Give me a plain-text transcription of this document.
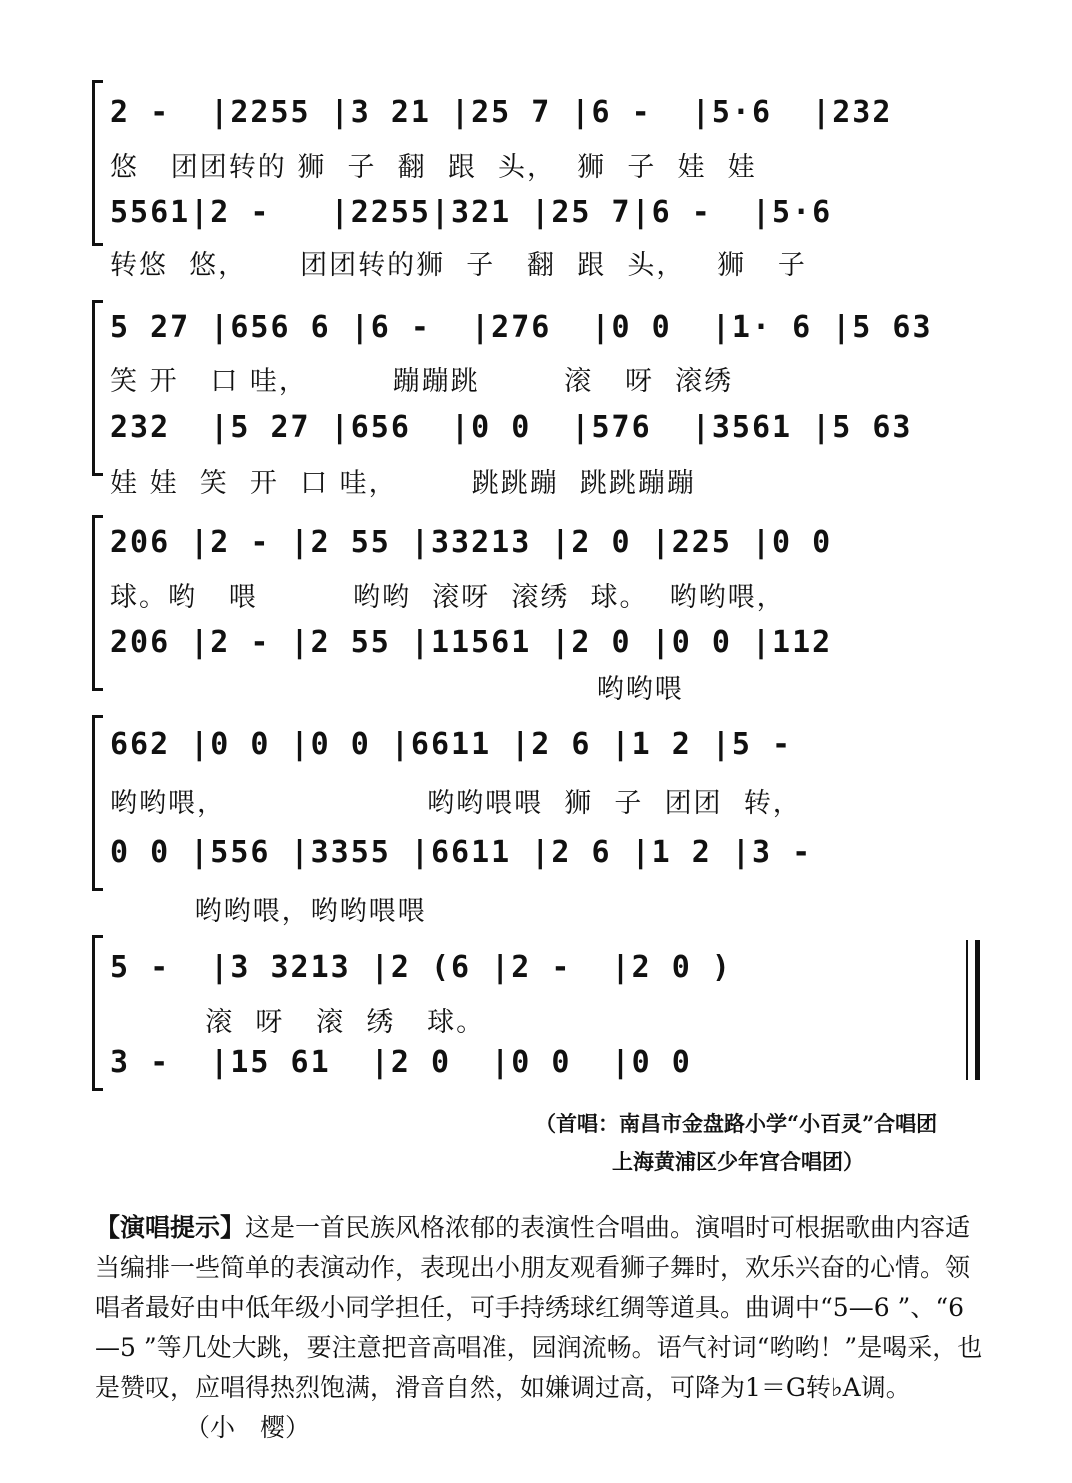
2 -  |2255 |3 21 |25 7 |6 -  |5·6  |232
悠   团团转的 狮  子  翻  跟  头，  狮  子  娃  娃
5561|2 -   |2255|321 |25 7|6 -  |5·6
转悠  悠，     团团转的狮  子   翻  跟  头，   狮   子
5 27 |656 6 |6 -  |276  |0 0  |1· 6 |5 63
笑 开   口 哇，        蹦蹦跳        滚   呀  滚绣
232  |5 27 |656  |0 0  |576  |3561 |5 63
娃 娃  笑  开  口 哇，       跳跳蹦  跳跳蹦蹦
206 |2 - |2 55 |33213 |2 0 |225 |0 0
球。哟   喂         哟哟  滚呀  滚绣  球。  哟哟喂，
206 |2 - |2 55 |11561 |2 0 |0 0 |112
哟哟喂
662 |0 0 |0 0 |6611 |2 6 |1 2 |5 -
哟哟喂，                   哟哟喂喂  狮  子  团团  转，
0 0 |556 |3355 |6611 |2 6 |1 2 |3 -
哟哟喂，哟哟喂喂
5 -  |3 3213 |2 (6 |2 -  |2 0 )
滚  呀   滚  绣   球。
3 -  |15 61  |2 0  |0 0  |0 0
（首唱：南昌市金盘路小学“小百灵”合唱团
上海黄浦区少年宫合唱团）
【演唱提示】这是一首民族风格浓郁的表演性合唱曲。演唱时可根据歌曲内容适当编排一些简单的表演动作，表现出小朋友观看狮子舞时，欢乐兴奋的心情。领唱者最好由中低年级小同学担任，可手持绣球红绸等道具。曲调中“5—6 ”、“6—5 ”等几处大跳，要注意把音高唱准，园润流畅。语气衬词“哟哟！”是喝采，也是赞叹，应唱得热烈饱满，滑音自然，如嫌调过高，可降为1＝G转♭A调。（小　樱）
